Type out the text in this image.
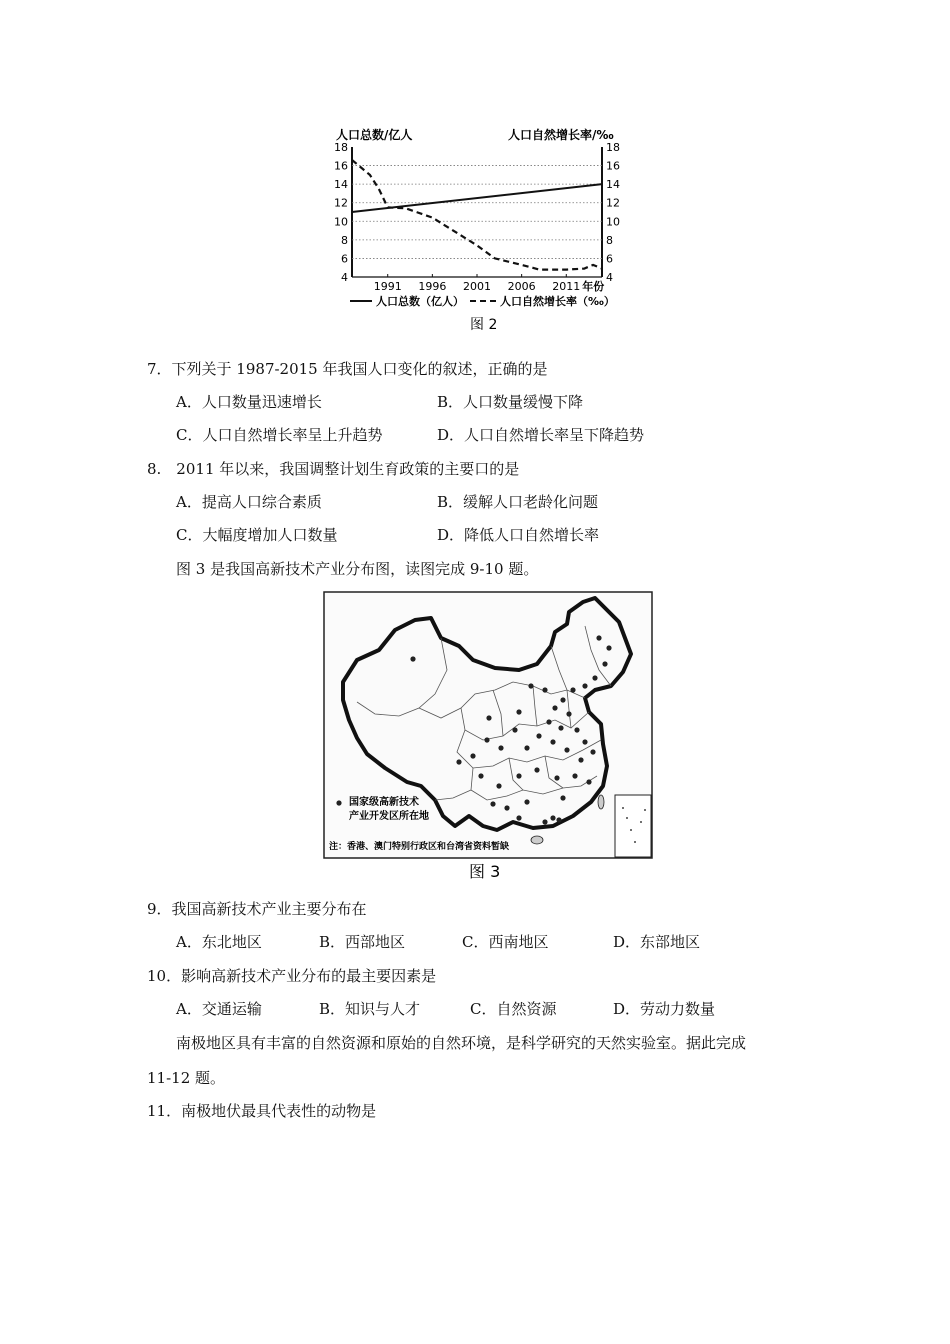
人口总数/亿人	人口自然增长率/‰
4	4
6	6
8	8
10	10
12	12
14	14
16	16
18	18
1991 1996 2001 2006 2011 年份
人口总数（亿人）	人口自然增长率（‰）
图 2
7．下列关于 1987-2015 年我国人口变化的叙述，正确的是
A．人口数量迅速增长	B．人口数量缓慢下降
C．人口自然增长率呈上升趋势	D．人口自然增长率呈下降趋势
8.　2011 年以来，我国调整计划生育政策的主要口的是
A．提高人口综合素质	B．缓解人口老龄化问题
C．大幅度增加人口数量	D．降低人口自然增长率
图 3 是我国高新技术产业分布图，读图完成 9-10 题。
国家级高新技术
产业开发区所在地
注：香港、澳门特别行政区和台湾省资料暂缺
图 3
9．我国高新技术产业主要分布在
A．东北地区	B．西部地区	C．西南地区	D．东部地区
10．影响高新技术产业分布的最主要因素是
A．交通运输	B．知识与人才	C．自然资源	D．劳动力数量
南极地区具有丰富的自然资源和原始的自然环境，是科学研究的天然实验室。据此完成
11-12 题。
11．南极地伏最具代表性的动物是
